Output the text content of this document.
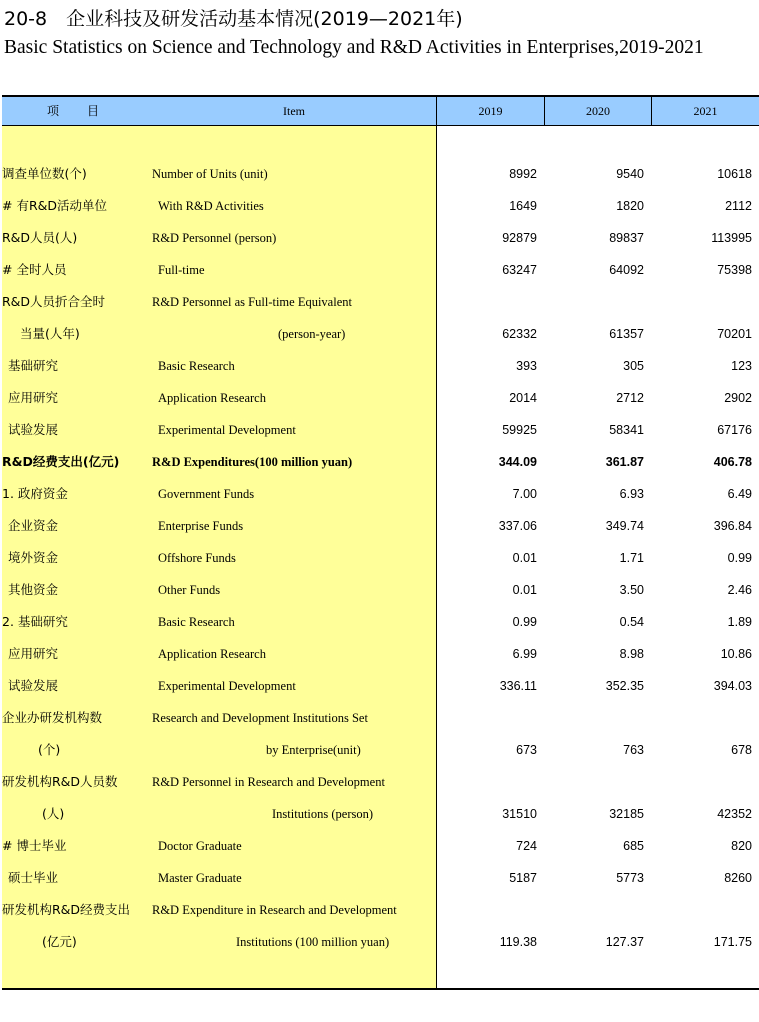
20-8　企业科技及研发活动基本情况(2019—2021年)
Basic Statistics on Science and Technology and R&D Activities in Enterprises,2019-2021
项　目	Item	2019	2020	2021
调查单位数(个)	Number of Units (unit)	8992	9540	10618
# 有R&D活动单位	With R&D Activities	1649	1820	2112
R&D人员(人)	R&D Personnel (person)	92879	89837	113995
# 全时人员	Full-time	63247	64092	75398
R&D人员折合全时	R&D Personnel as Full-time Equivalent
当量(人年)	(person-year)	62332	61357	70201
基础研究	Basic Research	393	305	123
应用研究	Application Research	2014	2712	2902
试验发展	Experimental Development	59925	58341	67176
R&D经费支出(亿元)	R&D Expenditures(100 million yuan)	344.09	361.87	406.78
1. 政府资金	Government Funds	7.00	6.93	6.49
企业资金	Enterprise Funds	337.06	349.74	396.84
境外资金	Offshore Funds	0.01	1.71	0.99
其他资金	Other Funds	0.01	3.50	2.46
2. 基础研究	Basic Research	0.99	0.54	1.89
应用研究	Application Research	6.99	8.98	10.86
试验发展	Experimental Development	336.11	352.35	394.03
企业办研发机构数	Research and Development Institutions Set
(个)	by Enterprise(unit)	673	763	678
研发机构R&D人员数	R&D Personnel in Research and Development
(人)	Institutions (person)	31510	32185	42352
# 博士毕业	Doctor Graduate	724	685	820
硕士毕业	Master Graduate	5187	5773	8260
研发机构R&D经费支出 R&D Expenditure in Research and Development
(亿元)	Institutions (100 million yuan)	119.38	127.37	171.75
